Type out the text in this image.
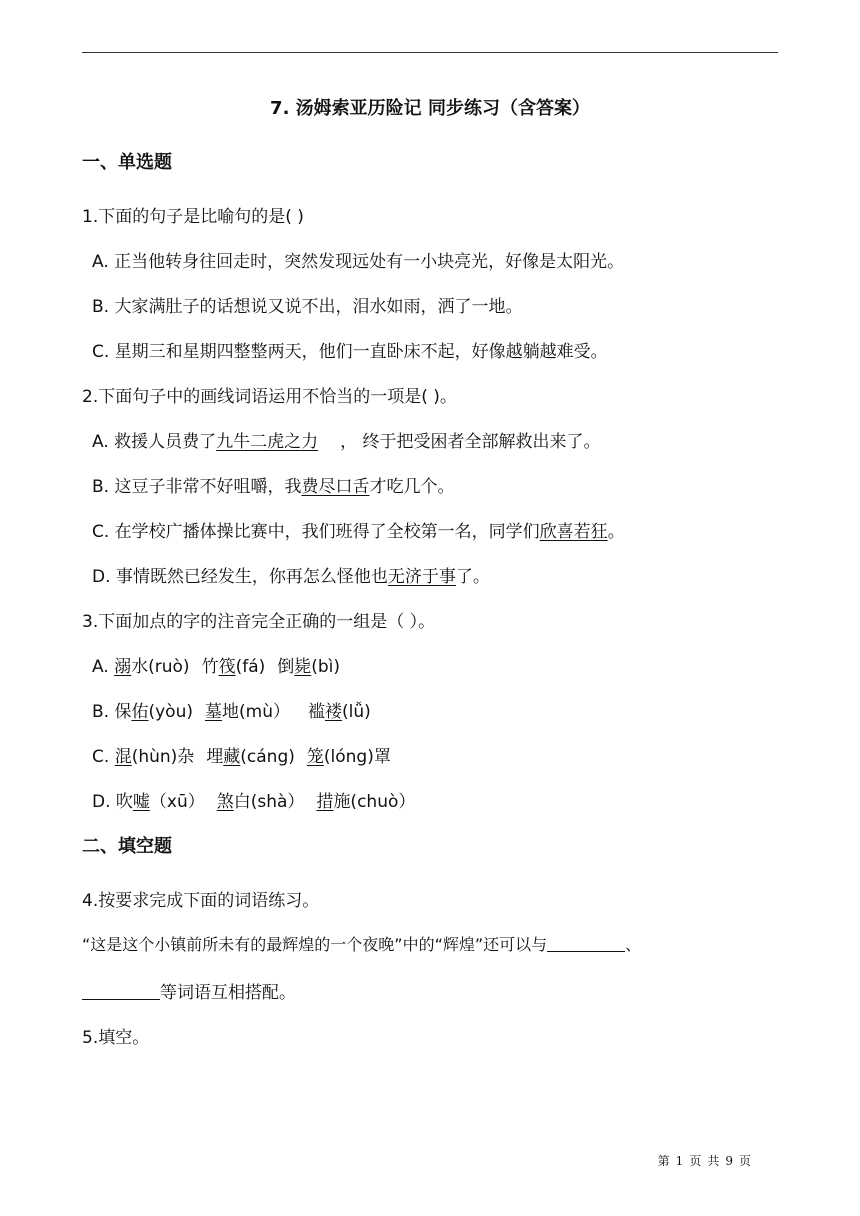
7. 汤姆索亚历险记 同步练习（含答案）
一、单选题
1.下面的句子是比喻句的是( )
A. 正当他转身往回走时，突然发现远处有一小块亮光，好像是太阳光。
B. 大家满肚子的话想说又说不出，泪水如雨，洒了一地。
C. 星期三和星期四整整两天，他们一直卧床不起，好像越躺越难受。
2.下面句子中的画线词语运用不恰当的一项是( )。
A. 救援人员费了九牛二虎之力 ， 终于把受困者全部解救出来了。
B. 这豆子非常不好咀嚼，我费尽口舌才吃几个。
C. 在学校广播体操比赛中，我们班得了全校第一名，同学们欣喜若狂。
D. 事情既然已经发生，你再怎么怪他也无济于事了。
3.下面加点的字的注音完全正确的一组是（ ）。
A. 溺水(ruò) 竹筏(fá) 倒毙(bì)
B. 保佑(yòu) 墓地(mù） 褴褛(lǚ)
C. 混(hùn)杂 埋藏(cáng) 笼(lóng)罩
D. 吹嘘（xū） 煞白(shà） 措施(chuò）
二、填空题
4.按要求完成下面的词语练习。
“这是这个小镇前所未有的最辉煌的一个夜晚”中的“辉煌”还可以与	、
等词语互相搭配。
5.填空。
第 1 页 共 9 页
